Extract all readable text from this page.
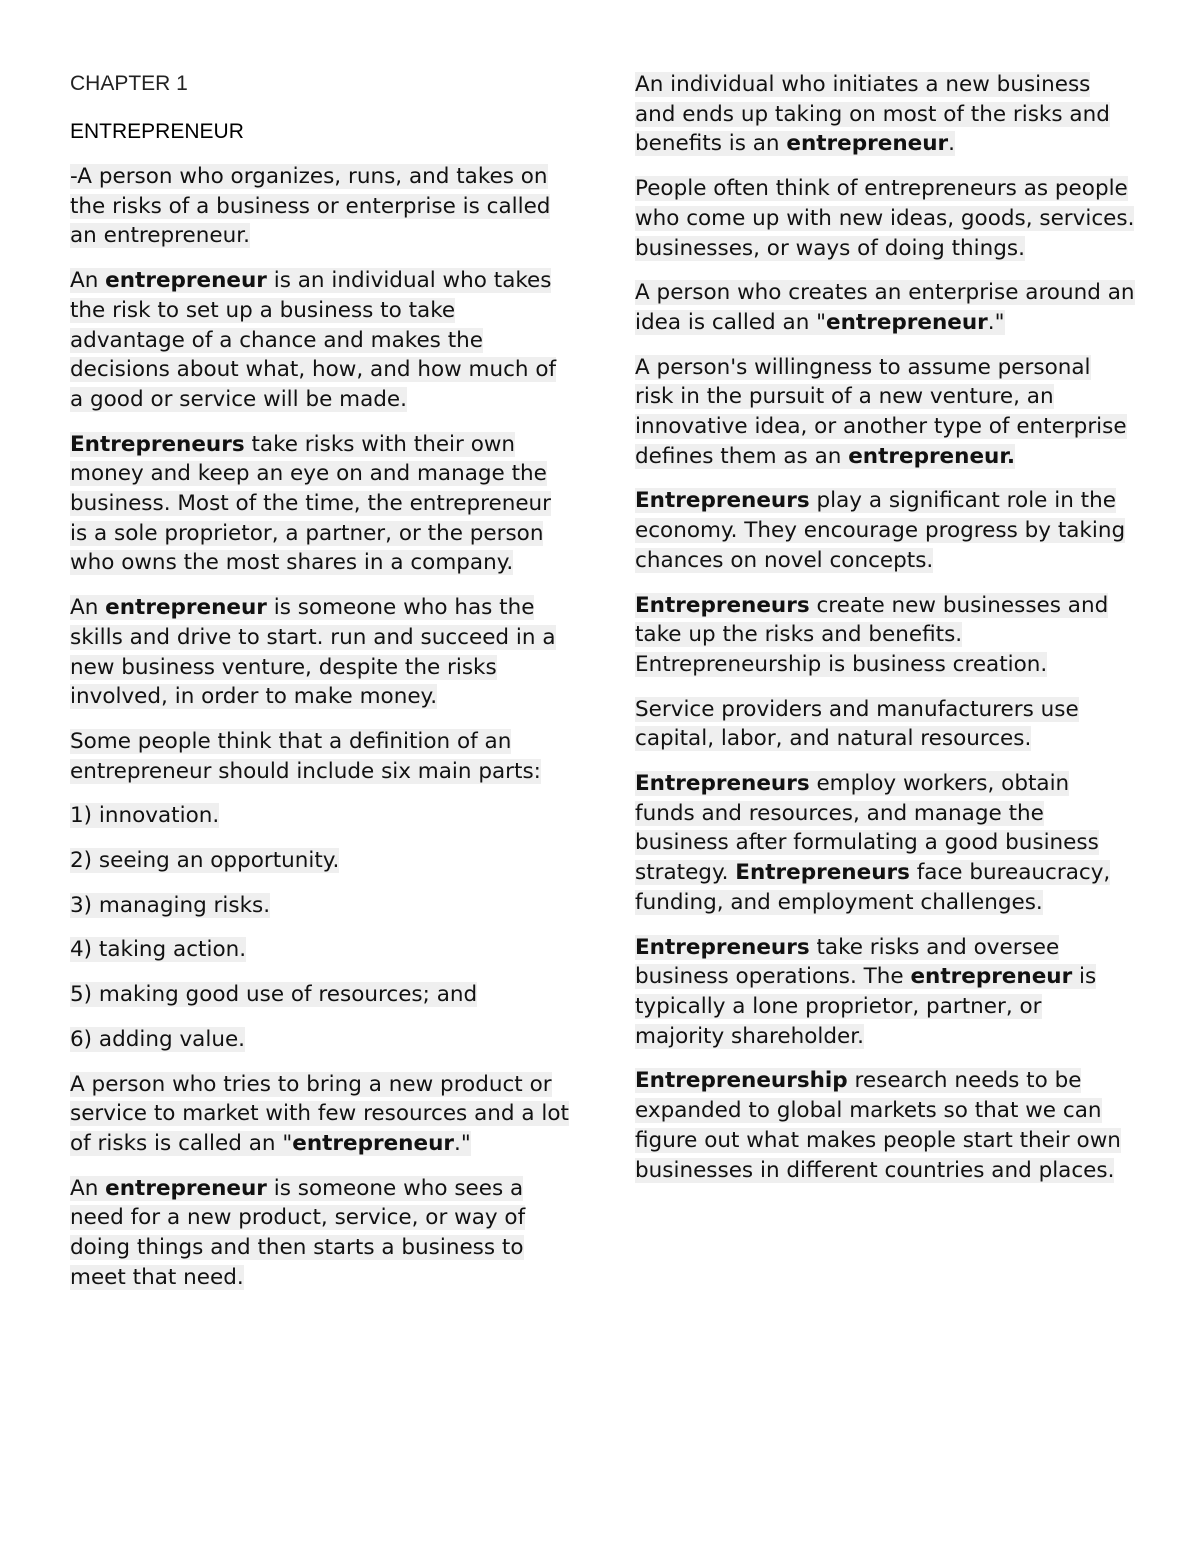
CHAPTER 1
ENTREPRENEUR

-A person who organizes, runs, and takes on the risks of a business or enterprise is called an entrepreneur.

An entrepreneur is an individual who takes the risk to set up a business to take advantage of a chance and makes the decisions about what, how, and how much of a good or service will be made.

Entrepreneurs take risks with their own money and keep an eye on and manage the business. Most of the time, the entrepreneur is a sole proprietor, a partner, or the person who owns the most shares in a company.

An entrepreneur is someone who has the skills and drive to start. run and succeed in a new business venture, despite the risks involved, in order to make money.

Some people think that a definition of an entrepreneur should include six main parts:

1) innovation.

2) seeing an opportunity.

3) managing risks.

4) taking action.

5) making good use of resources; and

6) adding value.

A person who tries to bring a new product or service to market with few resources and a lot of risks is called an "entrepreneur."

An entrepreneur is someone who sees a need for a new product, service, or way of doing things and then starts a business to meet that need.

An individual who initiates a new business and ends up taking on most of the risks and benefits is an entrepreneur.

People often think of entrepreneurs as people who come up with new ideas, goods, services. businesses, or ways of doing things.

A person who creates an enterprise around an idea is called an "entrepreneur."

A person's willingness to assume personal risk in the pursuit of a new venture, an innovative idea, or another type of enterprise defines them as an entrepreneur.

Entrepreneurs play a significant role in the economy. They encourage progress by taking chances on novel concepts.

Entrepreneurs create new businesses and take up the risks and benefits. Entrepreneurship is business creation.

Service providers and manufacturers use capital, labor, and natural resources.

Entrepreneurs employ workers, obtain funds and resources, and manage the business after formulating a good business strategy. Entrepreneurs face bureaucracy, funding, and employment challenges.

Entrepreneurs take risks and oversee business operations. The entrepreneur is typically a lone proprietor, partner, or majority shareholder.

Entrepreneurship research needs to be expanded to global markets so that we can figure out what makes people start their own businesses in different countries and places.
